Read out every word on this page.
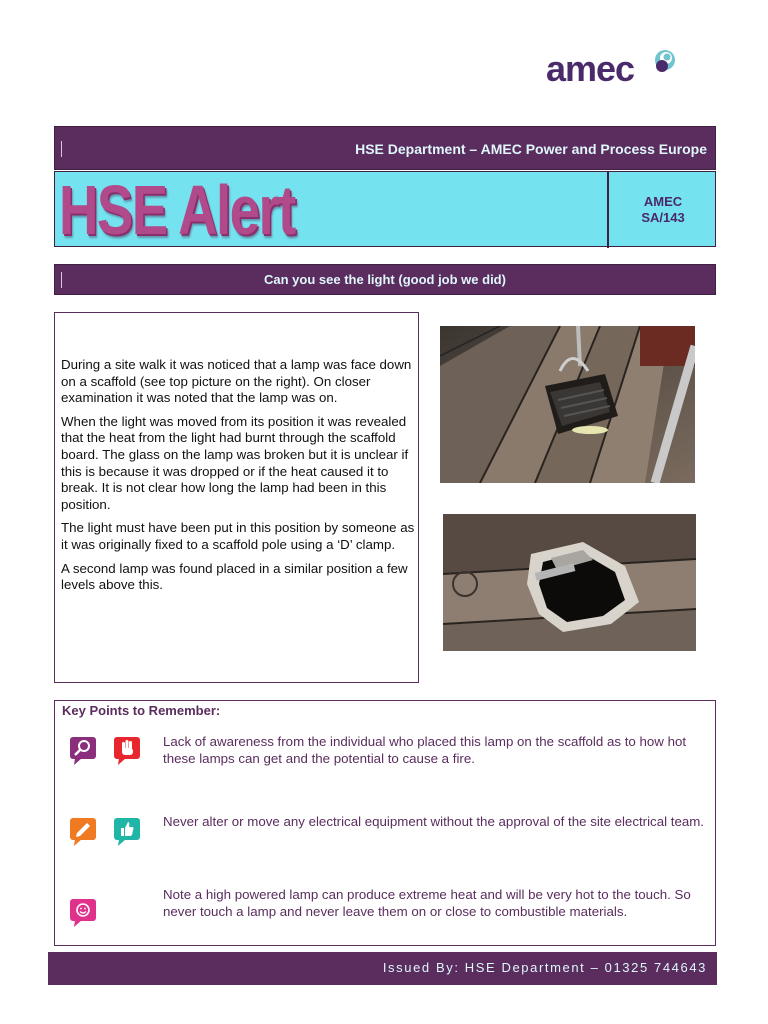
amec
HSE Department – AMEC Power and Process Europe
HSE Alert	AMEC
SA/143
Can you see the light (good job we did)

During a site walk it was noticed that a lamp was face down on a scaffold (see top picture on the right). On closer examination it was noted that the lamp was on.

When the light was moved from its position it was revealed that the heat from the light had burnt through the scaffold board. The glass on the lamp was broken but it is unclear if this is because it was dropped or if the heat caused it to break. It is not clear how long the lamp had been in this position.

The light must have been put in this position by someone as it was originally fixed to a scaffold pole using a ‘D’ clamp.

A second lamp was found placed in a similar position a few levels above this.

Key Points to Remember:
Lack of awareness from the individual who placed this lamp on the scaffold as to how hot these lamps can get and the potential to cause a fire.
Never alter or move any electrical equipment without the approval of the site electrical team.
Note a high powered lamp can produce extreme heat and will be very hot to the touch. So never touch a lamp and never leave them on or close to combustible materials.
Issued By: HSE Department – 01325 744643
